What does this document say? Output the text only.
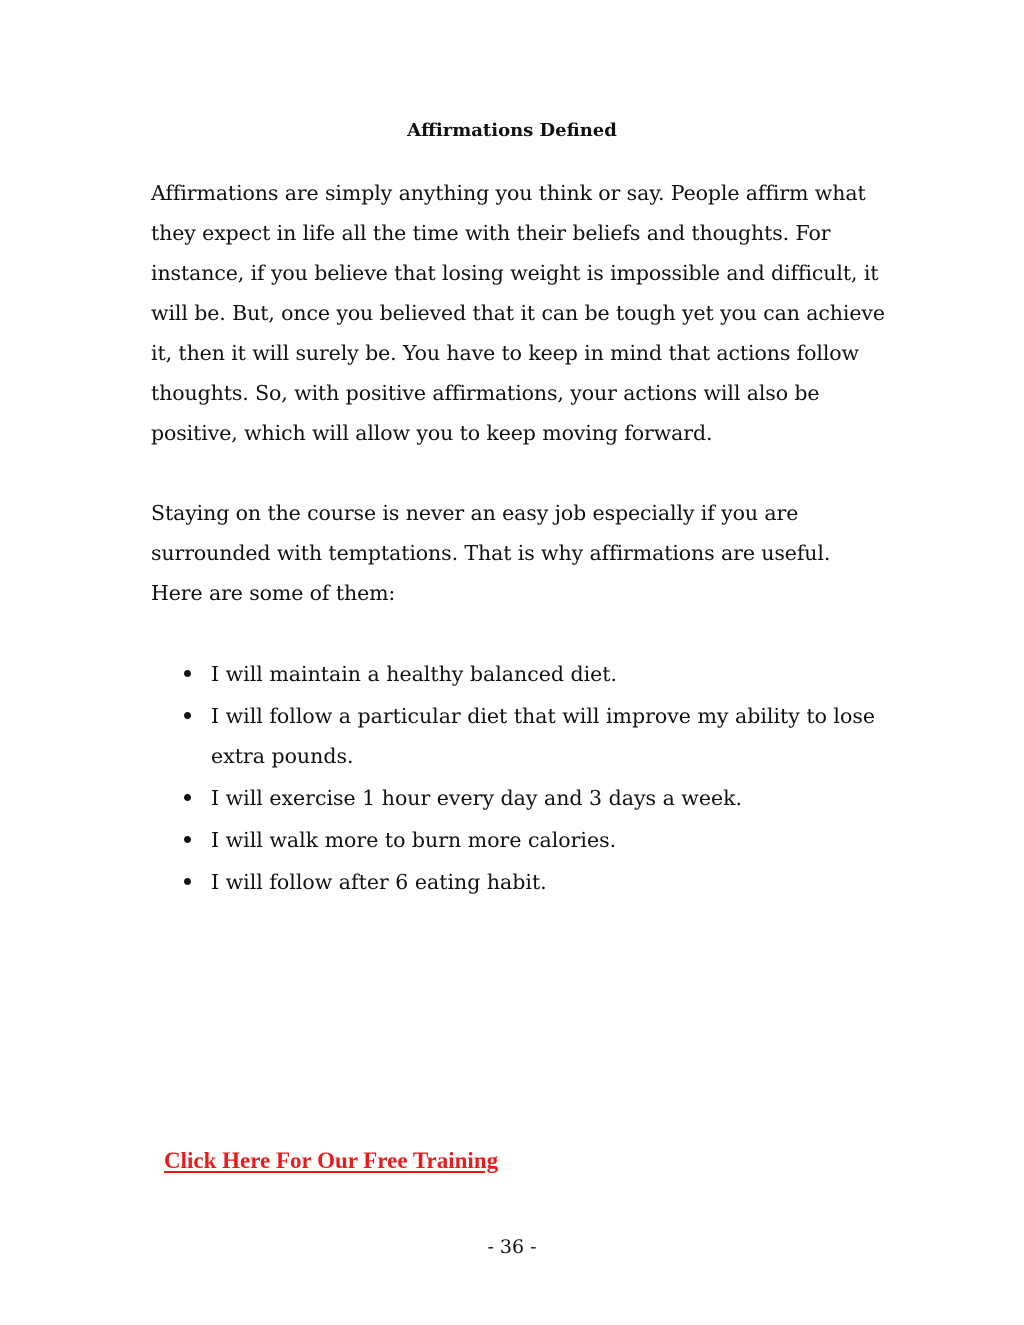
Affirmations Defined

Affirmations are simply anything you think or say. People affirm what
they expect in life all the time with their beliefs and thoughts. For
instance, if you believe that losing weight is impossible and difficult, it
will be. But, once you believed that it can be tough yet you can achieve
it, then it will surely be. You have to keep in mind that actions follow
thoughts. So, with positive affirmations, your actions will also be
positive, which will allow you to keep moving forward.

Staying on the course is never an easy job especially if you are
surrounded with temptations. That is why affirmations are useful.
Here are some of them:

I will maintain a healthy balanced diet.
I will follow a particular diet that will improve my ability to lose
extra pounds.
I will exercise 1 hour every day and 3 days a week.
I will walk more to burn more calories.
I will follow after 6 eating habit.
Click Here For Our Free Training
- 36 -
